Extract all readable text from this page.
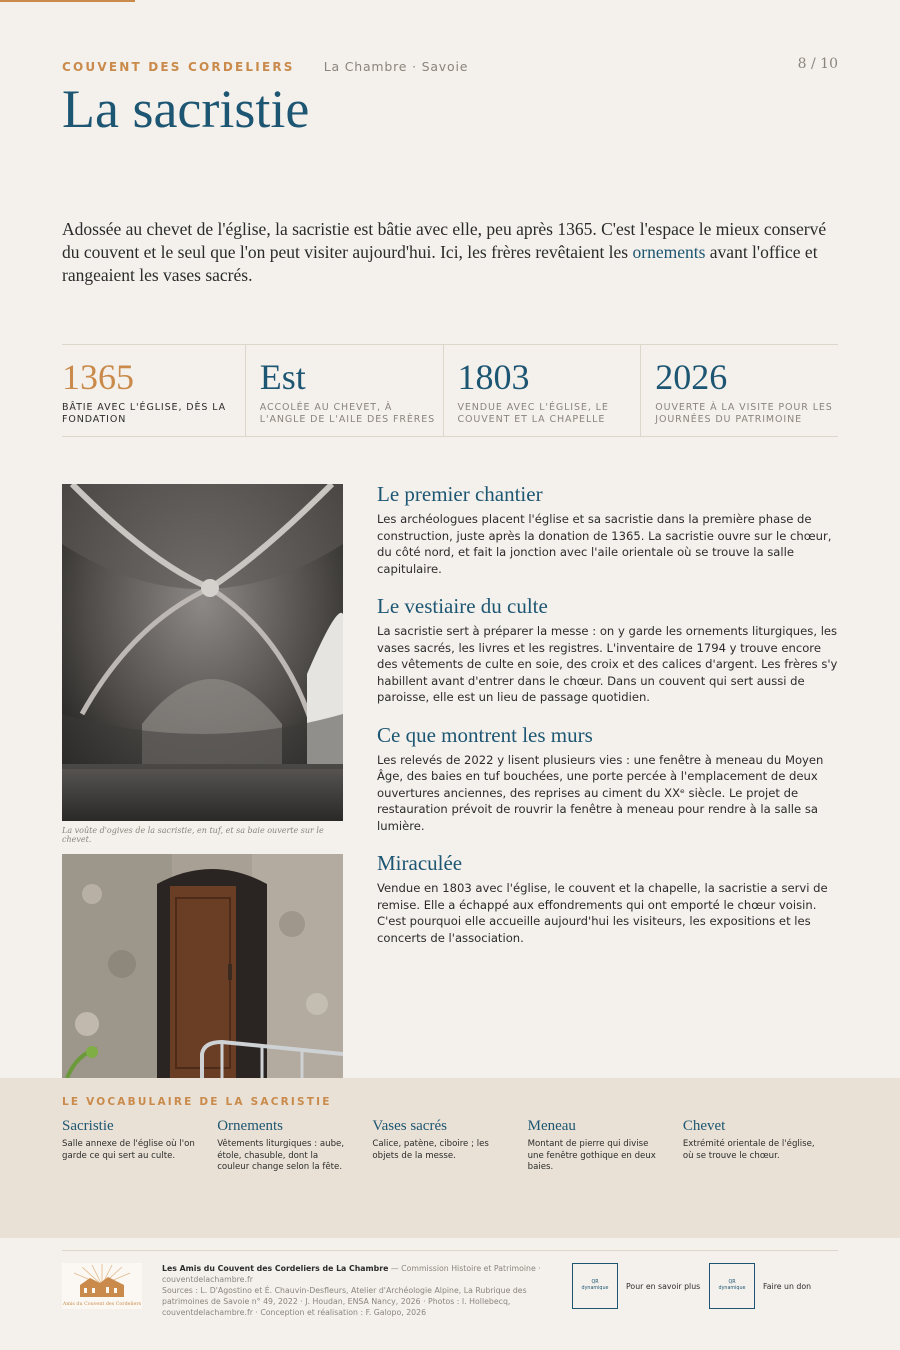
COUVENT DES CORDELIERS La Chambre · Savoie	8 / 10
La sacristie

Adossée au chevet de l'église, la sacristie est bâtie avec elle, peu après 1365. C'est l'espace le mieux conservé du couvent et le seul que l'on peut visiter aujourd'hui. Ici, les frères revêtaient les ornements avant l'office et rangeaient les vases sacrés.

1365
BÂTIE AVEC L'ÉGLISE, DÈS LA FONDATION
Est
ACCOLÉE AU CHEVET, À L'ANGLE DE L'AILE DES FRÈRES
1803
VENDUE AVEC L'ÉGLISE, LE COUVENT ET LA CHAPELLE
2026
OUVERTE À LA VISITE POUR LES JOURNÉES DU PATRIMOINE
La voûte d'ogives de la sacristie, en tuf, et sa baie ouverte sur le chevet.
Le premier chantier

Les archéologues placent l'église et sa sacristie dans la première phase de construction, juste après la donation de 1365. La sacristie ouvre sur le chœur, du côté nord, et fait la jonction avec l'aile orientale où se trouve la salle capitulaire.

Le vestiaire du culte

La sacristie sert à préparer la messe : on y garde les ornements liturgiques, les vases sacrés, les livres et les registres. L'inventaire de 1794 y trouve encore des vêtements de culte en soie, des croix et des calices d'argent. Les frères s'y habillent avant d'entrer dans le chœur. Dans un couvent qui sert aussi de paroisse, elle est un lieu de passage quotidien.

Ce que montrent les murs

Les relevés de 2022 y lisent plusieurs vies : une fenêtre à meneau du Moyen Âge, des baies en tuf bouchées, une porte percée à l'emplacement de deux ouvertures anciennes, des reprises au ciment du XXᵉ siècle. Le projet de restauration prévoit de rouvrir la fenêtre à meneau pour rendre à la salle sa lumière.

Miraculée

Vendue en 1803 avec l'église, le couvent et la chapelle, la sacristie a servi de remise. Elle a échappé aux effondrements qui ont emporté le chœur voisin. C'est pourquoi elle accueille aujourd'hui les visiteurs, les expositions et les concerts de l'association.

LE VOCABULAIRE DE LA SACRISTIE
Sacristie

Salle annexe de l'église où l'on garde ce qui sert au culte.

Ornements

Vêtements liturgiques : aube, étole, chasuble, dont la couleur change selon la fête.

Vases sacrés

Calice, patène, ciboire ; les objets de la messe.

Meneau

Montant de pierre qui divise une fenêtre gothique en deux baies.

Chevet

Extrémité orientale de l'église, où se trouve le chœur.

Amis du Couvent des Cordeliers
Les Amis du Couvent des Cordeliers de La Chambre — Commission Histoire et Patrimoine · couventdelachambre.fr
Sources : L. D'Agostino et É. Chauvin-Desfleurs, Atelier d'Archéologie Alpine, La Rubrique des patrimoines de Savoie n° 49, 2022 · J. Houdan, ENSA Nancy, 2026 · Photos : I. Hollebecq, couventdelachambre.fr · Conception et réalisation : F. Galopo, 2026
QR
dynamique Pour en savoir plus	QR
dynamique Faire un don
